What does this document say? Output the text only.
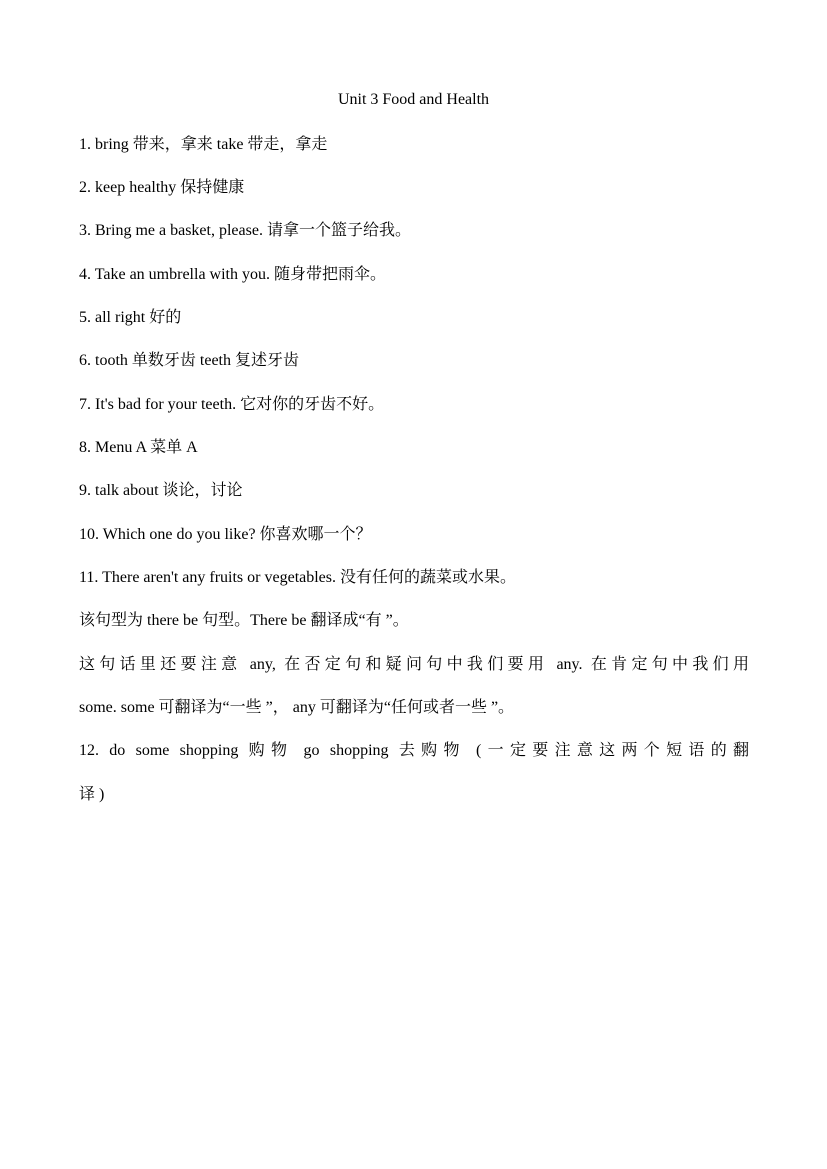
Unit 3 Food and Health
1. bring 带来，拿来 take 带走，拿走
2. keep healthy 保持健康
3. Bring me a basket, please. 请拿一个篮子给我。
4. Take an umbrella with you. 随身带把雨伞。
5. all right 好的
6. tooth 单数牙齿 teeth 复述牙齿
7. It's bad for your teeth. 它对你的牙齿不好。
8. Menu A 菜单 A
9. talk about 谈论，讨论
10. Which one do you like? 你喜欢哪一个？
11. There aren't any fruits or vegetables. 没有任何的蔬菜或水果。
该句型为 there be 句型。There be 翻译成“有 ”。
这句话里还要注意 any, 在否定句和疑问句中我们要用 any. 在肯定句中我们用
some. some 可翻译为“一些 ”， any 可翻译为“任何或者一些 ”。
12. do some shopping 购物 go shopping 去购物 (一定要注意这两个短语的翻
译 )
